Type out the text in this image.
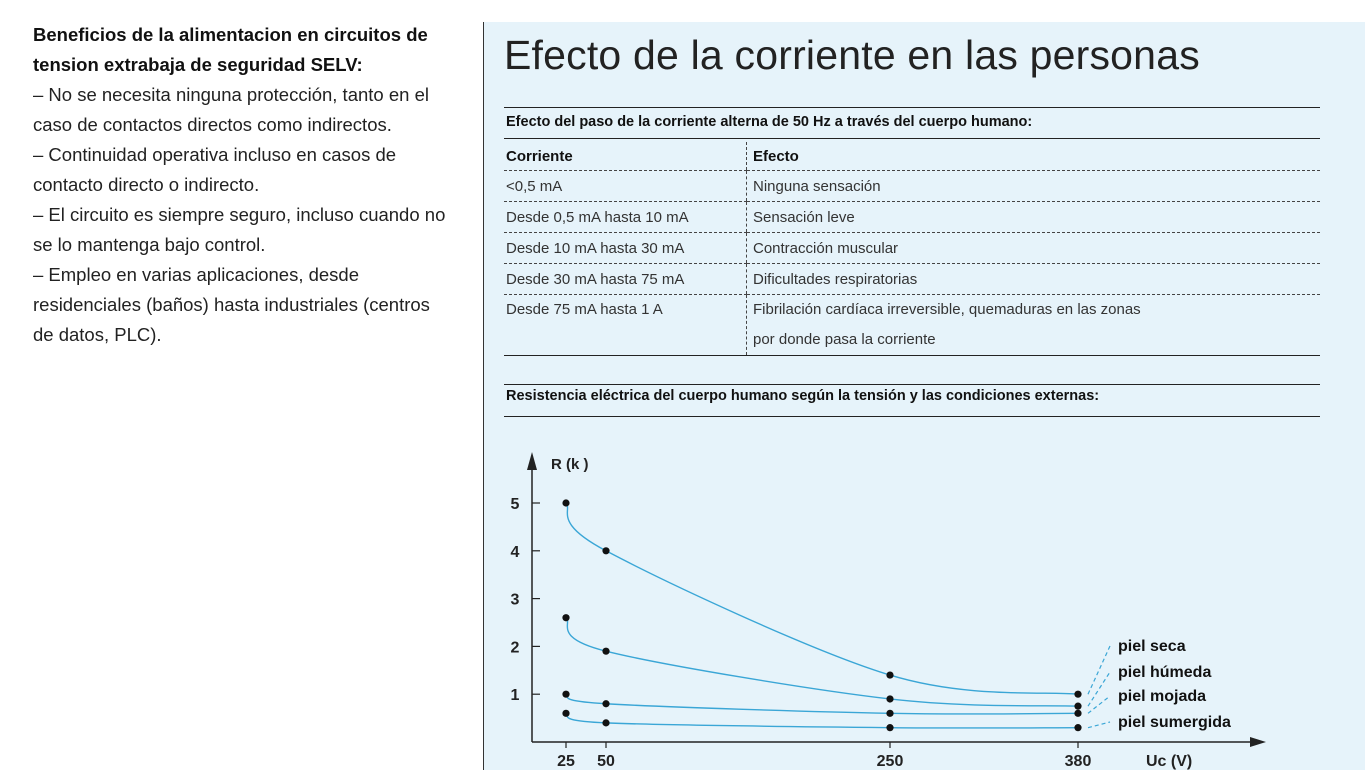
Beneficios de la alimentacion en circuitos de tension extrabaja de seguridad SELV:

– No se necesita ninguna protección, tanto en el caso de contactos directos como indirectos.

– Continuidad operativa incluso en casos de contacto directo o indirecto.

– El circuito es siempre seguro, incluso cuando no se lo mantenga bajo control.

– Empleo en varias aplicaciones, desde residenciales (baños) hasta industriales (centros de datos, PLC).

Efecto de la corriente en las personas
Efecto del paso de la corriente alterna de 50 Hz a través del cuerpo humano:
Corriente	Efecto
<0,5 mA	Ninguna sensación
Desde 0,5 mA hasta 10 mA	Sensación leve
Desde 10 mA hasta 30 mA	Contracción muscular
Desde 30 mA hasta 75 mA	Dificultades respiratorias
Desde 75 mA hasta 1 A	Fibrilación cardíaca irreversible, quemaduras en las zonas
por donde pasa la corriente
Resistencia eléctrica del cuerpo humano según la tensión y las condiciones externas:
R (k )
Uc (V)
1
2
3
4
5
25 50	250	380
piel seca
piel húmeda
piel mojada
piel sumergida
